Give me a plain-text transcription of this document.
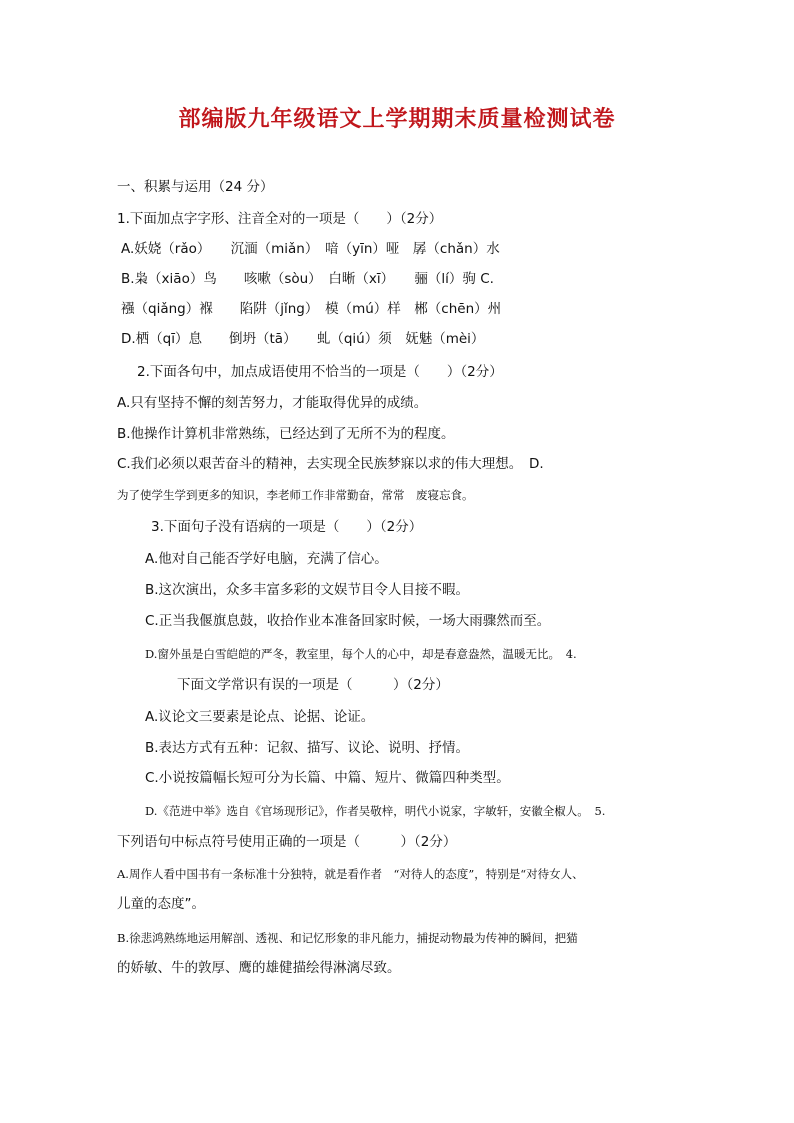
部编版九年级语文上学期期末质量检测试卷
一、积累与运用（24 分）
1.下面加点字字形、注音全对的一项是（　　）（2分）
A.妖娆（rǎo）　　沉湎（miǎn）　喑（yīn）哑　孱（chǎn）水
B.枭（xiāo）鸟　　咳嗽（sòu）　白晰（xī）　　骊（lí）驹 C.
襁（qiǎng）褓　　陷阱（jǐng）　模（mú）样　郴（chēn）州
D.栖（qī）息　　倒坍（tā）　　虬（qiú）须　妩魅（mèi）
2.下面各句中，加点成语使用不恰当的一项是（　　）（2分）
A.只有坚持不懈的刻苦努力，才能取得优异的成绩。
B.他操作计算机非常熟练，已经达到了无所不为的程度。
C.我们必须以艰苦奋斗的精神，去实现全民族梦寐以求的伟大理想。　D.
为了使学生学到更多的知识，李老师工作非常勤奋，常常　废寝忘食。
3.下面句子没有语病的一项是（　　）（2分）
A.他对自己能否学好电脑，充满了信心。
B.这次演出，众多丰富多彩的文娱节目令人目接不暇。
C.正当我偃旗息鼓，收拾作业本准备回家时候，一场大雨骤然而至。
D.窗外虽是白雪皑皑的严冬，教室里，每个人的心中，却是春意盎然，温暖无比。　4.
下面文学常识有误的一项是（　　　）（2分）
A.议论文三要素是论点、论据、论证。
B.表达方式有五种：记叙、描写、议论、说明、抒情。
C.小说按篇幅长短可分为长篇、中篇、短片、微篇四种类型。
D.《范进中举》选自《官场现形记》，作者吴敬梓，明代小说家，字敏轩，安徽全椒人。　5.
下列语句中标点符号使用正确的一项是（　　　）（2分）
A.周作人看中国书有一条标准十分独特，就是看作者　“对待人的态度”，特别是“对待女人、
儿童的态度”。
B.徐悲鸿熟练地运用解剖、透视、和记忆形象的非凡能力，捕捉动物最为传神的瞬间，把猫
的娇敏、牛的敦厚、鹰的雄健描绘得淋漓尽致。
